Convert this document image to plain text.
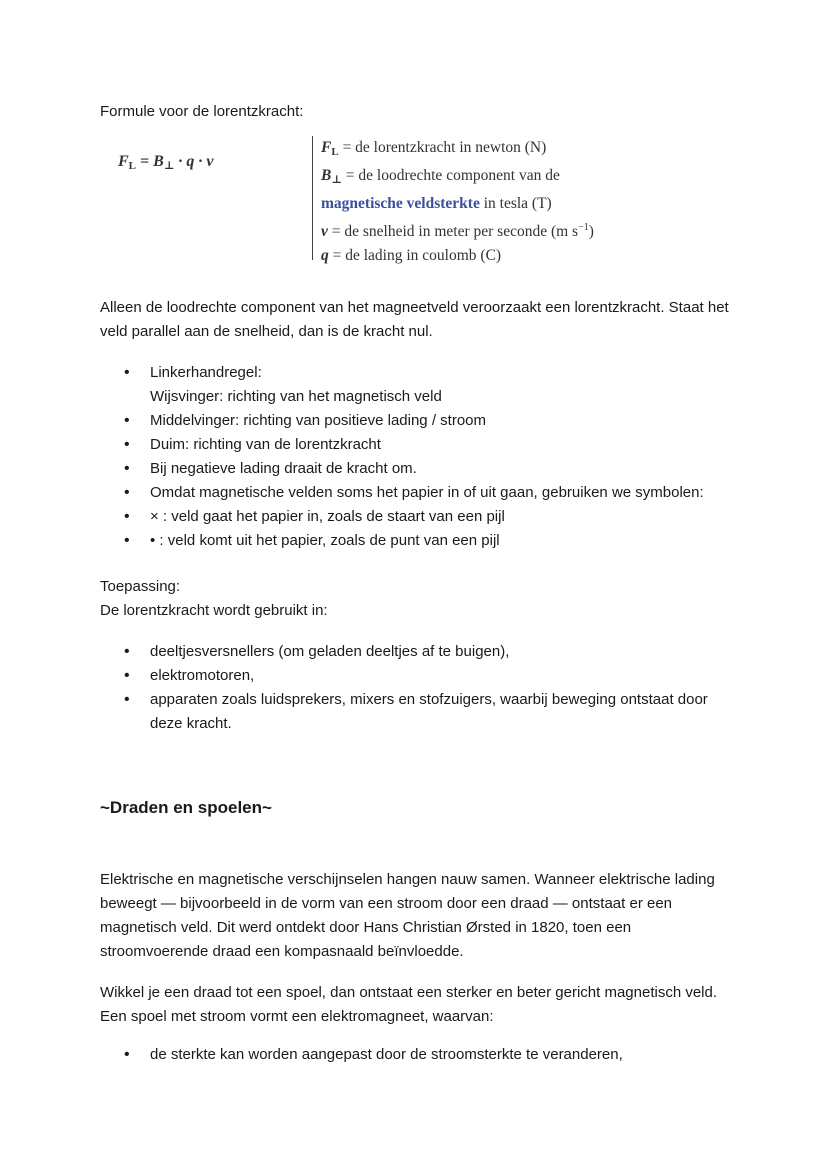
Formule voor de lorentzkracht:

FL = B⊥ · q · v
$F_L$ = de lorentzkracht in newton (N)
$B_\perp$ = de loodrechte component van de
magnetische veldsterkte in tesla (T)
v = de snelheid in meter per seconde (m $s^{-1}$)
q = de lading in coulomb (C)

Alleen de loodrechte component van het magneetveld veroorzaakt een lorentzkracht. Staat het veld parallel aan de snelheid, dan is de kracht nul.

• Linkerhandregel:
Wijsvinger: richting van het magnetisch veld
• Middelvinger: richting van positieve lading / stroom
• Duim: richting van de lorentzkracht
• Bij negatieve lading draait de kracht om.
• Omdat magnetische velden soms het papier in of uit gaan, gebruiken we symbolen:
• × : veld gaat het papier in, zoals de staart van een pijl
• • : veld komt uit het papier, zoals de punt van een pijl
Toepassing:
De lorentzkracht wordt gebruikt in:
• deeltjesversnellers (om geladen deeltjes af te buigen),
• elektromotoren,
• apparaten zoals luidsprekers, mixers en stofzuigers, waarbij beweging ontstaat door deze kracht.
~Draden en spoelen~

Elektrische en magnetische verschijnselen hangen nauw samen. Wanneer elektrische lading beweegt — bijvoorbeeld in de vorm van een stroom door een draad — ontstaat er een magnetisch veld. Dit werd ontdekt door Hans Christian Ørsted in 1820, toen een stroomvoerende draad een kompasnaald beïnvloedde.

Wikkel je een draad tot een spoel, dan ontstaat een sterker en beter gericht magnetisch veld. Een spoel met stroom vormt een elektromagneet, waarvan:

• de sterkte kan worden aangepast door de stroomsterkte te veranderen,
